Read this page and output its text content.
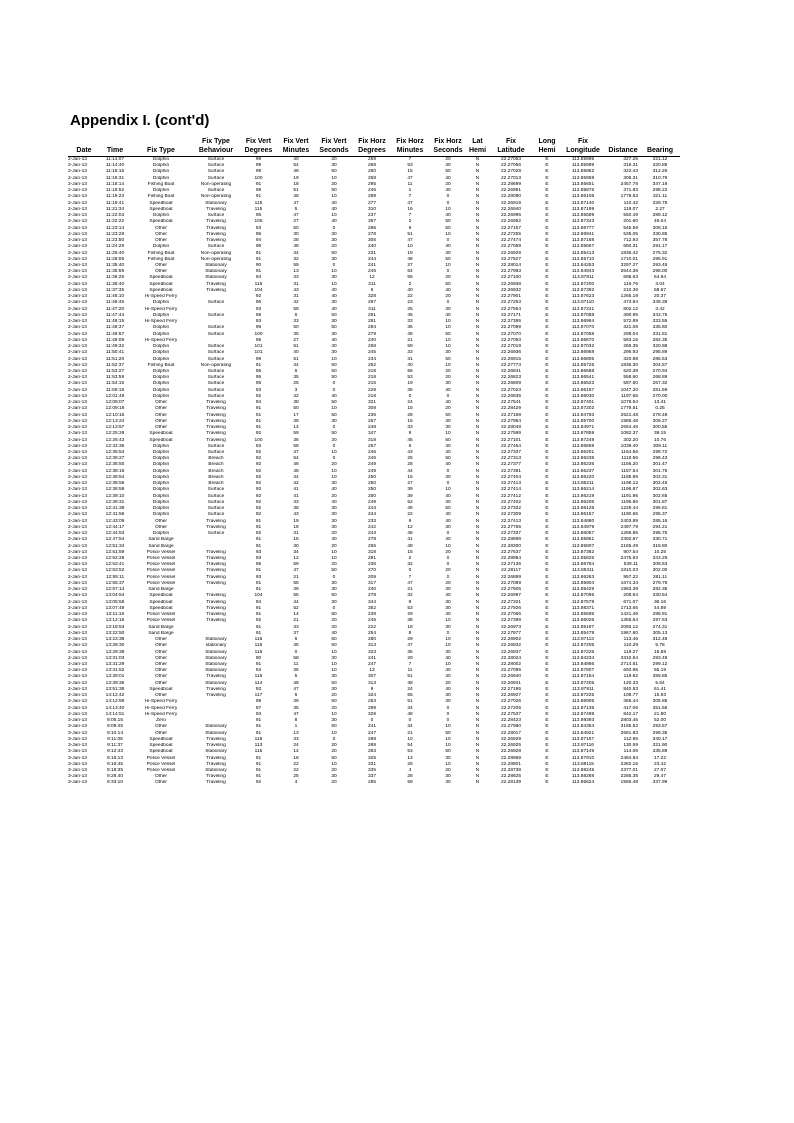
Appendix I. (cont'd)
			Fix Type	Fix Vert	Fix Vert	Fix Vert	Fix Horz	Fix Horz	Fix Horz	Lat	Fix	Long	Fix		
Date	Time	Fix Type	Behaviour	Degrees	Minutes	Seconds	Degrees	Minutes	Seconds	Hemi	Latitude	Hemi	Longitude	Distance	Bearing
2-Jan-13	11:14:07	Dolphin	Surface	99	40	20	269	7	20	N	22.27063	E	113.85995	327.26	321.12
2-Jan-13	11:14:40	Dolphin	Surface	99	54	30	268	53	40	N	22.27056	E	113.85999	319.31	320.89
2-Jan-13	11:16:16	Dolphin	Surface	99	48	50	260	15	50	N	22.27028	E	113.85952	322.43	312.26
2-Jan-13	11:16:31	Dolphin	Surface	100	19	10	258	47	40	N	22.27013	E	113.85959	306.31	310.79
2-Jan-13	11:18:14	Fishing Boat	Non-operating	91	18	20	295	11	20	N	22.28699	E	113.85651	2457.78	347.19
2-Jan-13	11:18:52	Dolphin	Surface	98	51	50	246	1	40	N	22.26991	E	113.85875	371.83	298.22
2-Jan-13	11:19:23	Fishing Boat	Non-operating	91	48	10	289	7	0	N	22.28080	E	113.86108	1779.53	321.11
2-Jan-13	11:19:41	Speedboat	Stationary	115	47	40	277	47	0	N	22.26919	E	113.87140	110.42	329.78
2-Jan-13	11:21:34	Speedboat	Traveling	115	5	40	310	16	10	N	22.26940	E	113.87199	119.07	2.27
2-Jan-13	11:22:03	Dolphin	Surface	95	47	10	237	7	40	N	22.26995	E	113.85589	550.49	289.12
2-Jan-13	11:22:22	Speedboat	Traveling	105	27	40	357	2	50	N	22.26952	E	113.87343	201.60	49.04
2-Jan-13	11:23:14	Other	Traveling	93	50	0	286	9	50	N	22.27157	E	113.86777	545.59	308.16
2-Jan-13	11:23:28	Other	Traveling	95	30	30	278	51	10	N	22.27255	E	113.86941	535.05	330.85
2-Jan-13	11:23:50	Other	Traveling	94	28	30	305	47	0	N	22.27474	E	113.87168	712.93	357.78
2-Jan-13	11:24:29	Dolphin	Surface	96	48	20	240	10	40	N	22.27059	E	113.85567	650.31	291.17
2-Jan-13	11:25:40	Fishing Boat	Non-operating	91	44	50	221	19	40	N	22.26929	E	113.85413	1836.42	275.32
2-Jan-13	11:28:06	Fishing Boat	Non-operating	91	32	30	244	48	50	N	22.27527	E	113.85710	1710.01	295.91
2-Jan-13	11:35:40	Other	Stationary	90	59	0	241	27	10	N	22.28014	E	113.84253	3297.27	293.45
2-Jan-13	11:35:59	Other	Stationary	91	13	10	245	54	0	N	22.27983	E	113.84943	2644.38	298.00
2-Jan-13	11:36:26	Speedboat	Stationary	94	33	30	12	56	20	N	22.27100	E	113.87811	695.63	64.94
2-Jan-13	11:36:40	Speedboat	Traveling	115	31	10	311	2	50	N	22.26938	E	113.87200	116.76	3.04
2-Jan-13	11:37:35	Speedboat	Traveling	104	43	40	6	40	40	N	22.26932	E	113.87392	210.36	58.67
2-Jan-13	11:46:10	Hi-Speed Ferry		92	31	40	328	22	20	N	22.27901	E	113.87623	1265.19	20.37
2-Jan-13	11:46:45	Dolphin	Surface	96	42	30	297	23	0	N	22.27253	E	113.87110	473.94	349.38
2-Jan-13	11:47:20	Hi-Speed Ferry		93	58	40	311	25	30	N	22.27554	E	113.87241	802.12	3.42
2-Jan-13	11:47:44	Dolphin	Surface	98	6	50	291	45	40	N	22.27171	E	113.87088	390.95	343.75
2-Jan-13	11:48:15	Hi-Speed Ferry		93	33	30	291	33	10	N	22.27395	E	113.86964	572.89	333.55
2-Jan-13	11:48:37	Dolphin	Surface	99	50	50	284	36	10	N	22.27099	E	113.87070	321.08	335.60
2-Jan-13	11:48:57	Dolphin	Surface	100	35	30	279	48	50	N	22.27070	E	113.87058	298.04	331.81
2-Jan-13	11:49:09	Hi-Speed Ferry		95	27	40	240	21	10	N	22.27093	E	113.86670	583.15	282.35
2-Jan-13	11:49:32	Dolphin	Surface	101	51	40	268	59	10	N	22.27019	E	113.87032	265.35	320.98
2-Jan-13	11:50:41	Dolphin	Surface	101	40	30	245	33	30	N	22.26936	E	113.86958	295.93	295.89
2-Jan-13	11:51:20	Dolphin	Surface	99	51	10	234	31	50	N	22.26915	E	113.86805	320.88	285.53
2-Jan-13	11:52:37	Fishing Boat	Non-operating	91	44	50	252	40	10	N	22.27773	E	113.85725	1835.30	304.57
2-Jan-13	11:53:27	Dolphin	Surface	96	6	50	218	56	20	N	22.26841	E	113.86688	520.38	270.94
2-Jan-13	11:53:59	Dolphin	Surface	95	35	50	218	53	20	N	22.26823	E	113.86541	558.60	268.89
2-Jan-13	11:54:15	Dolphin	Surface	95	25	0	215	19	30	N	22.26809	E	113.86523	587.60	267.32
2-Jan-13	11:59:18	Dolphin	Surface	93	3	0	229	35	40	N	22.27023	E	113.86197	1047.20	281.59
2-Jan-13	12:01:49	Dolphin	Surface	92	42	40	218	0	0	N	22.26835	E	113.86030	1197.65	270.00
2-Jan-13	12:08:07	Other	Traveling	94	38	50	321	24	40	N	22.27541	E	113.87401	1078.54	13.41
2-Jan-13	12:09:18	Other	Traveling	91	50	10	308	15	20	N	22.28429	E	113.87202	1779.51	0.25
2-Jan-13	12:10:16	Other	Traveling	91	17	50	236	28	50	N	22.27168	E	113.84793	2521.48	278.48
2-Jan-13	12:13:24	Other	Traveling	91	38	30	257	16	40	N	22.27954	E	113.85700	1985.48	309.27
2-Jan-13	12:13:57	Other	Traveling	91	14	0	248	33	30	N	22.28048	E	113.84971	2654.46	300.56
2-Jan-13	12:25:26	Speedboat	Traveling	92	59	50	347	9	10	N	22.27589	E	113.87859	1082.37	39.15
2-Jan-13	12:26:43	Speedboat	Traveling	100	36	20	318	45	50	N	22.27101	E	113.87249	302.20	10.76
2-Jan-13	12:32:35	Dolphin	Surface	93	58	0	257	6	40	N	22.27454	E	113.86659	1039.40	309.11
2-Jan-13	12:35:54	Dolphin	Surface	92	47	10	246	43	40	N	22.27337	E	113.86201	1164.56	298.72
2-Jan-13	12:36:27	Dolphin	Breach	92	54	0	246	25	50	N	22.27313	E	113.86238	1118.56	298.43
2-Jan-13	12:36:50	Dolphin	Breach	92	48	20	249	28	40	N	22.27377	E	113.86235	1156.20	301.47
2-Jan-13	12:38:15	Dolphin	Breach	92	48	10	249	44	0	N	22.27381	E	113.86237	1157.54	301.75
2-Jan-13	12:38:54	Dolphin	Breach	92	44	10	250	16	30	N	22.27404	E	113.86220	1185.89	302.31
2-Jan-13	12:38:56	Dolphin	Breach	92	42	30	250	27	0	N	22.27413	E	113.86211	1198.12	302.45
2-Jan-13	12:38:58	Dolphin	Surface	92	41	40	250	39	10	N	22.27414	E	113.86214	1196.87	302.63
2-Jan-13	12:39:10	Dolphin	Surface	92	41	20	250	39	40	N	22.27412	E	113.86219	1191.95	302.65
2-Jan-13	12:39:31	Dolphin	Surface	92	43	40	249	52	30	N	22.27402	E	113.86206	1196.86	301.87
2-Jan-13	12:41:39	Dolphin	Surface	92	38	30	244	48	50	N	22.27332	E	113.86128	1228.44	296.81
2-Jan-13	12:41:56	Dolphin	Surface	92	43	30	244	22	40	N	22.27309	E	113.86157	1190.65	295.37
2-Jan-13	12:43:09	Other	Traveling	91	19	30	233	9	40	N	22.27413	E	113.84880	2403.89	285.16
2-Jan-13	12:44:17	Other	Traveling	91	18	30	242	12	30	N	22.27755	E	113.84979	2497.79	294.21
2-Jan-13	12:44:53	Dolphin	Surface	92	31	20	243	46	0	N	22.27337	E	113.86057	1286.85	295.76
2-Jan-13	12:47:54	Sand Barge		91	15	40	278	41	40	N	22.28898	E	113.85951	2392.87	330.71
2-Jan-13	12:51:34	Sand Barge		91	30	20	265	48	10	N	22.28300	E	113.85807	2165.49	318.80
2-Jan-13	12:51:59	Police Vessel	Traveling	93	34	10	318	15	20	N	22.27637	E	113.87362	907.54	10.25
2-Jan-13	12:52:28	Police Vessel	Traveling	93	12	10	291	2	0	N	22.28954	E	113.85825	2475.93	343.29
2-Jan-13	12:53:41	Police Vessel	Traveling	95	59	20	236	32	0	N	22.27136	E	113.86784	539.11	308.53
2-Jan-13	12:53:52	Police Vessel	Traveling	91	47	50	270	0	20	N	22.28117	E	113.85311	1810.03	302.00
2-Jan-13	12:55:11	Police Vessel	Traveling	93	21	0	209	7	0	N	22.26899	E	113.86263	957.22	281.11
2-Jan-13	12:55:37	Police Vessel	Traveling	91	55	30	317	47	20	N	22.27089	E	113.85904	1674.34	279.79
2-Jan-13	12:57:14	Sand Barge		91	39	30	240	21	30	N	22.27605	E	113.85429	1963.39	282.36
2-Jan-13	13:04:54	Speedboat	Traveling	104	55	50	278	32	40	N	22.26997	E	113.87095	208.64	330.54
2-Jan-13	13:05:56	Speedboat	Traveling	94	44	30	344	9	30	N	22.27321	E	113.87579	671.07	36.16
2-Jan-13	13:07:49	Speedboat	Traveling	91	52	0	352	53	30	N	22.27926	E	113.88371	1713.65	44.89
2-Jan-13	13:11:16	Police Vessel	Traveling	91	14	50	238	29	40	N	22.27066	E	113.85595	1421.46	286.91
2-Jan-13	13:12:16	Police Vessel	Traveling	92	21	20	245	38	10	N	22.27399	E	113.86026	1355.64	297.53
2-Jan-13	13:18:53	Sand Barge		91	33	20	222	18	30	N	22.26973	E	113.85197	2060.12	274.31
2-Jan-13	13:22:50	Sand Barge		91	37	40	254	8	0	N	22.27877	E	113.85479	1967.80	305.13
2-Jan-13	13:23:38	Other	Stationary	116	6	50	280	29	10	N	22.26902	E	113.87113	113.46	312.48
2-Jan-13	13:28:30	Other	stationary	116	45	50	313	47	10	N	22.26932	E	113.87205	110.29	5.78
2-Jan-13	13:29:39	Other	Stationary	115	0	10	323	35	30	N	22.26937	E	113.87226	119.27	15.59
2-Jan-13	13:31:03	Other	Stationary	90	58	30	241	29	40	N	22.28024	E	113.84234	3310.54	293.49
2-Jan-13	13:31:29	Other	Stationary	91	11	10	247	7	10	N	22.28002	E	113.84886	2714.61	299.12
2-Jan-13	13:31:52	Other	Stationary	94	35	10	13	11	40	N	22.27095	E	113.87807	693.95	65.19
2-Jan-13	13:39:01	Other	Traveling	115	5	30	307	51	40	N	22.26940	E	113.87184	118.82	359.86
2-Jan-13	13:39:35	Other	Stationary	114	48	50	313	38	20	N	22.26941	E	113.87205	120.33	5.64
2-Jan-13	13:51:38	Speedboat	Traveling	93	47	30	9	24	40	N	22.27195	E	113.87911	840.53	61.41
2-Jan-13	14:12:42	Other	Traveling	117	6	20	324	55	30	N	22.26927	E	113.87225	108.77	15.93
2-Jan-13	14:12:58	Hi-Speed Ferry		98	39	50	253	51	30	N	22.27026	E	113.86905	365.44	305.86
2-Jan-13	14:13:40	Hi-Speed Ferry		97	35	20	299	34	0	N	22.27205	E	113.87135	417.06	351.56
2-Jan-13	14:14:51	Hi-Speed Ferry		93	47	10	329	48	0	N	22.27537	E	113.87499	842.17	21.80
3-Jan-13	9:05:15	Zero		91	8	30	0	0	0	N	22.28423	E	113.89393	2803.45	52.00
3-Jan-13	9:09:45	Other	Stationary	91	1	50	241	34	10	N	22.27980	E	113.84354	3185.52	293.57
3-Jan-13	9:10:14	Other	Stationary	91	13	10	247	21	50	N	22.28017	E	113.84921	2681.83	299.36
3-Jan-13	9:11:06	Speedboat	Traveling	115	33	0	288	10	10	N	22.26929	E	113.87157	112.95	340.17
3-Jan-13	9:11:37	Speedboat	Traveling	113	24	20	289	54	10	N	22.26925	E	113.87116	130.59	321.90
3-Jan-13	9:12:43	Speedboat	Stationary	115	14	20	283	53	50	N	22.26928	E	113.87149	114.06	335.89
3-Jan-13	9:15:13	Police Vessel	Traveling	91	18	50	325	13	30	N	22.28969	E	113.87910	2484.84	17.22
3-Jan-13	9:16:45	Police Vessel	Traveling	91	22	10	331	25	10	N	22.28801	E	113.88115	2382.15	23.42
3-Jan-13	9:18:35	Police Vessel	Stationary	91	22	20	335	4	20	N	22.28738	E	113.88245	2377.01	27.07
3-Jan-13	9:28:40	Other	Traveling	91	25	30	337	28	30	N	22.28625	E	113.88288	2285.35	29.47
3-Jan-13	9:33:10	Other	Traveling	92	4	20	285	59	30	N	22.28139	E	113.86624	1565.48	337.99
